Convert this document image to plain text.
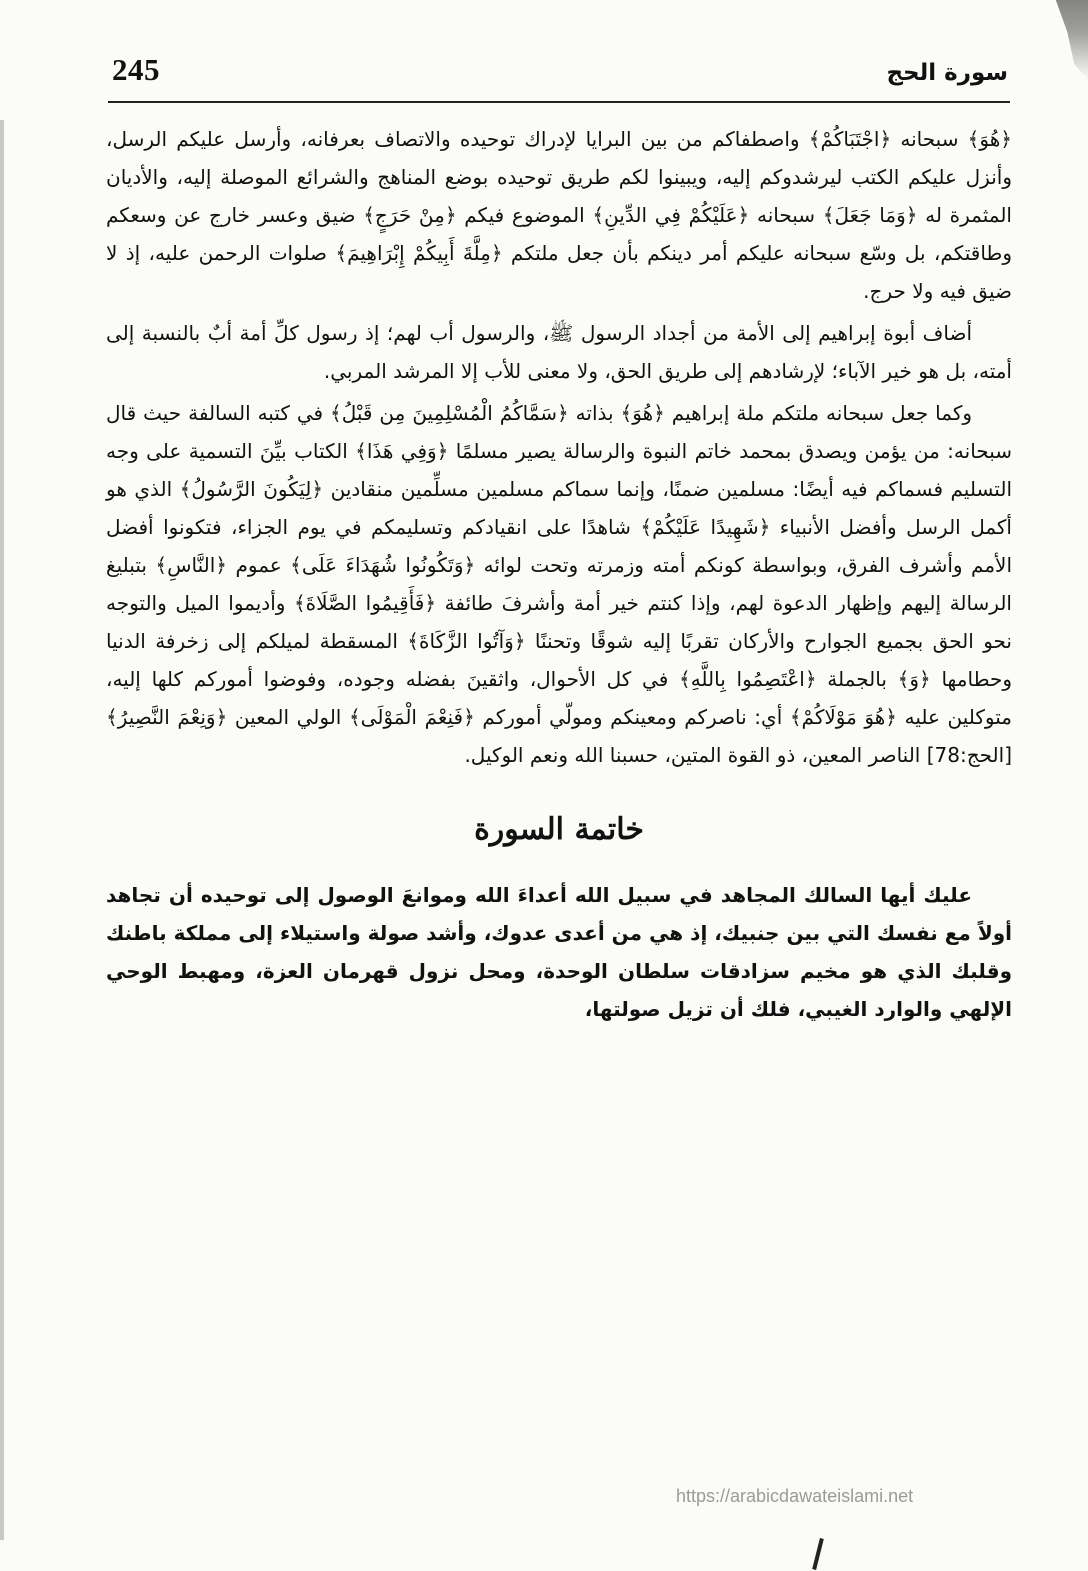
245	سورة الحج

﴿هُوَ﴾ سبحانه ﴿اجْتَبَاكُمْ﴾ واصطفاكم من بين البرايا لإدراك توحيده والاتصاف بعرفانه، وأرسل عليكم الرسل، وأنزل عليكم الكتب ليرشدوكم إليه، ويبينوا لكم طريق توحيده بوضع المناهج والشرائع الموصلة إليه، والأديان المثمرة له ﴿وَمَا جَعَلَ﴾ سبحانه ﴿عَلَيْكُمْ فِي الدِّينِ﴾ الموضوع فيكم ﴿مِنْ حَرَجٍ﴾ ضيق وعسر خارج عن وسعكم وطاقتكم، بل وسّع سبحانه عليكم أمر دينكم بأن جعل ملتكم ﴿مِلَّةَ أَبِيكُمْ إِبْرَاهِيمَ﴾ صلوات الرحمن عليه، إذ لا ضيق فيه ولا حرج.

أضاف أبوة إبراهيم إلى الأمة من أجداد الرسول ﷺ، والرسول أب لهم؛ إذ رسول كلِّ أمة أبٌ بالنسبة إلى أمته، بل هو خير الآباء؛ لإرشادهم إلى طريق الحق، ولا معنى للأب إلا المرشد المربي.

وكما جعل سبحانه ملتكم ملة إبراهيم ﴿هُوَ﴾ بذاته ﴿سَمَّاكُمُ الْمُسْلِمِينَ مِن قَبْلُ﴾ في كتبه السالفة حيث قال سبحانه: من يؤمن ويصدق بمحمد خاتم النبوة والرسالة يصير مسلمًا ﴿وَفِي هَذَا﴾ الكتاب بيِّنَ التسمية على وجه التسليم فسماكم فيه أيضًا: مسلمين ضمنًا، وإنما سماكم مسلمين مسلِّمين منقادين ﴿لِيَكُونَ الرَّسُولُ﴾ الذي هو أكمل الرسل وأفضل الأنبياء ﴿شَهِيدًا عَلَيْكُمْ﴾ شاهدًا على انقيادكم وتسليمكم في يوم الجزاء، فتكونوا أفضل الأمم وأشرف الفرق، وبواسطة كونكم أمته وزمرته وتحت لوائه ﴿وَتَكُونُوا شُهَدَاءَ عَلَى﴾ عموم ﴿النَّاسِ﴾ بتبليغ الرسالة إليهم وإظهار الدعوة لهم، وإذا كنتم خير أمة وأشرفَ طائفة ﴿فَأَقِيمُوا الصَّلَاةَ﴾ وأديموا الميل والتوجه نحو الحق بجميع الجوارح والأركان تقربًا إليه شوقًا وتحننًا ﴿وَآتُوا الزَّكَاةَ﴾ المسقطة لميلكم إلى زخرفة الدنيا وحطامها ﴿وَ﴾ بالجملة ﴿اعْتَصِمُوا بِاللَّهِ﴾ في كل الأحوال، واثقينَ بفضله وجوده، وفوضوا أموركم كلها إليه، متوكلين عليه ﴿هُوَ مَوْلَاكُمْ﴾ أي: ناصركم ومعينكم ومولّي أموركم ﴿فَنِعْمَ الْمَوْلَى﴾ الولي المعين ﴿وَنِعْمَ النَّصِيرُ﴾ [الحج:78] الناصر المعين، ذو القوة المتين، حسبنا الله ونعم الوكيل.

خاتمة السورة

عليك أيها السالك المجاهد في سبيل الله أعداءَ الله وموانعَ الوصول إلى توحيده أن تجاهد أولاً مع نفسك التي بين جنبيك، إذ هي من أعدى عدوك، وأشد صولة واستيلاء إلى مملكة باطنك وقلبك الذي هو مخيم سزادقات سلطان الوحدة، ومحل نزول قهرمان العزة، ومهبط الوحي الإلهي والوارد الغيبي، فلك أن تزيل صولتها،

https://arabicdawateislami.net
